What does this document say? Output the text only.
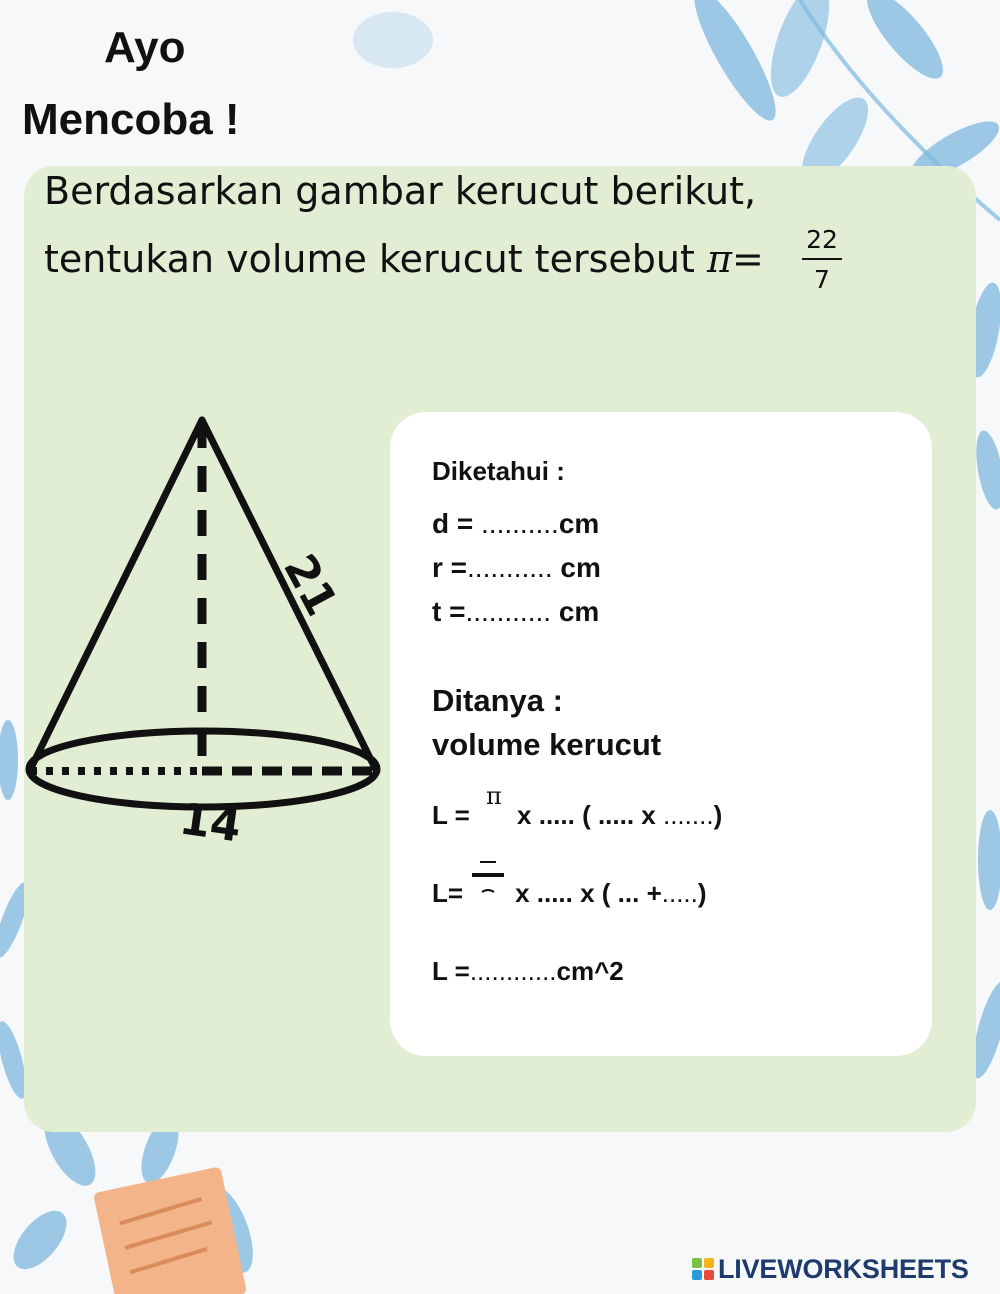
Ayo
Mencoba !
Berdasarkan gambar kerucut berikut,
tentukan volume kerucut tersebut π= 22
7
21
14
Diketahui :
d = ..........cm
r =........... cm
t =........... cm
Ditanya :
volume kerucut
L = x ..... ( ..... x .......)
π
L= x ..... x ( ... +.....)
L =............cm^2
LIVEWORKSHEETS
